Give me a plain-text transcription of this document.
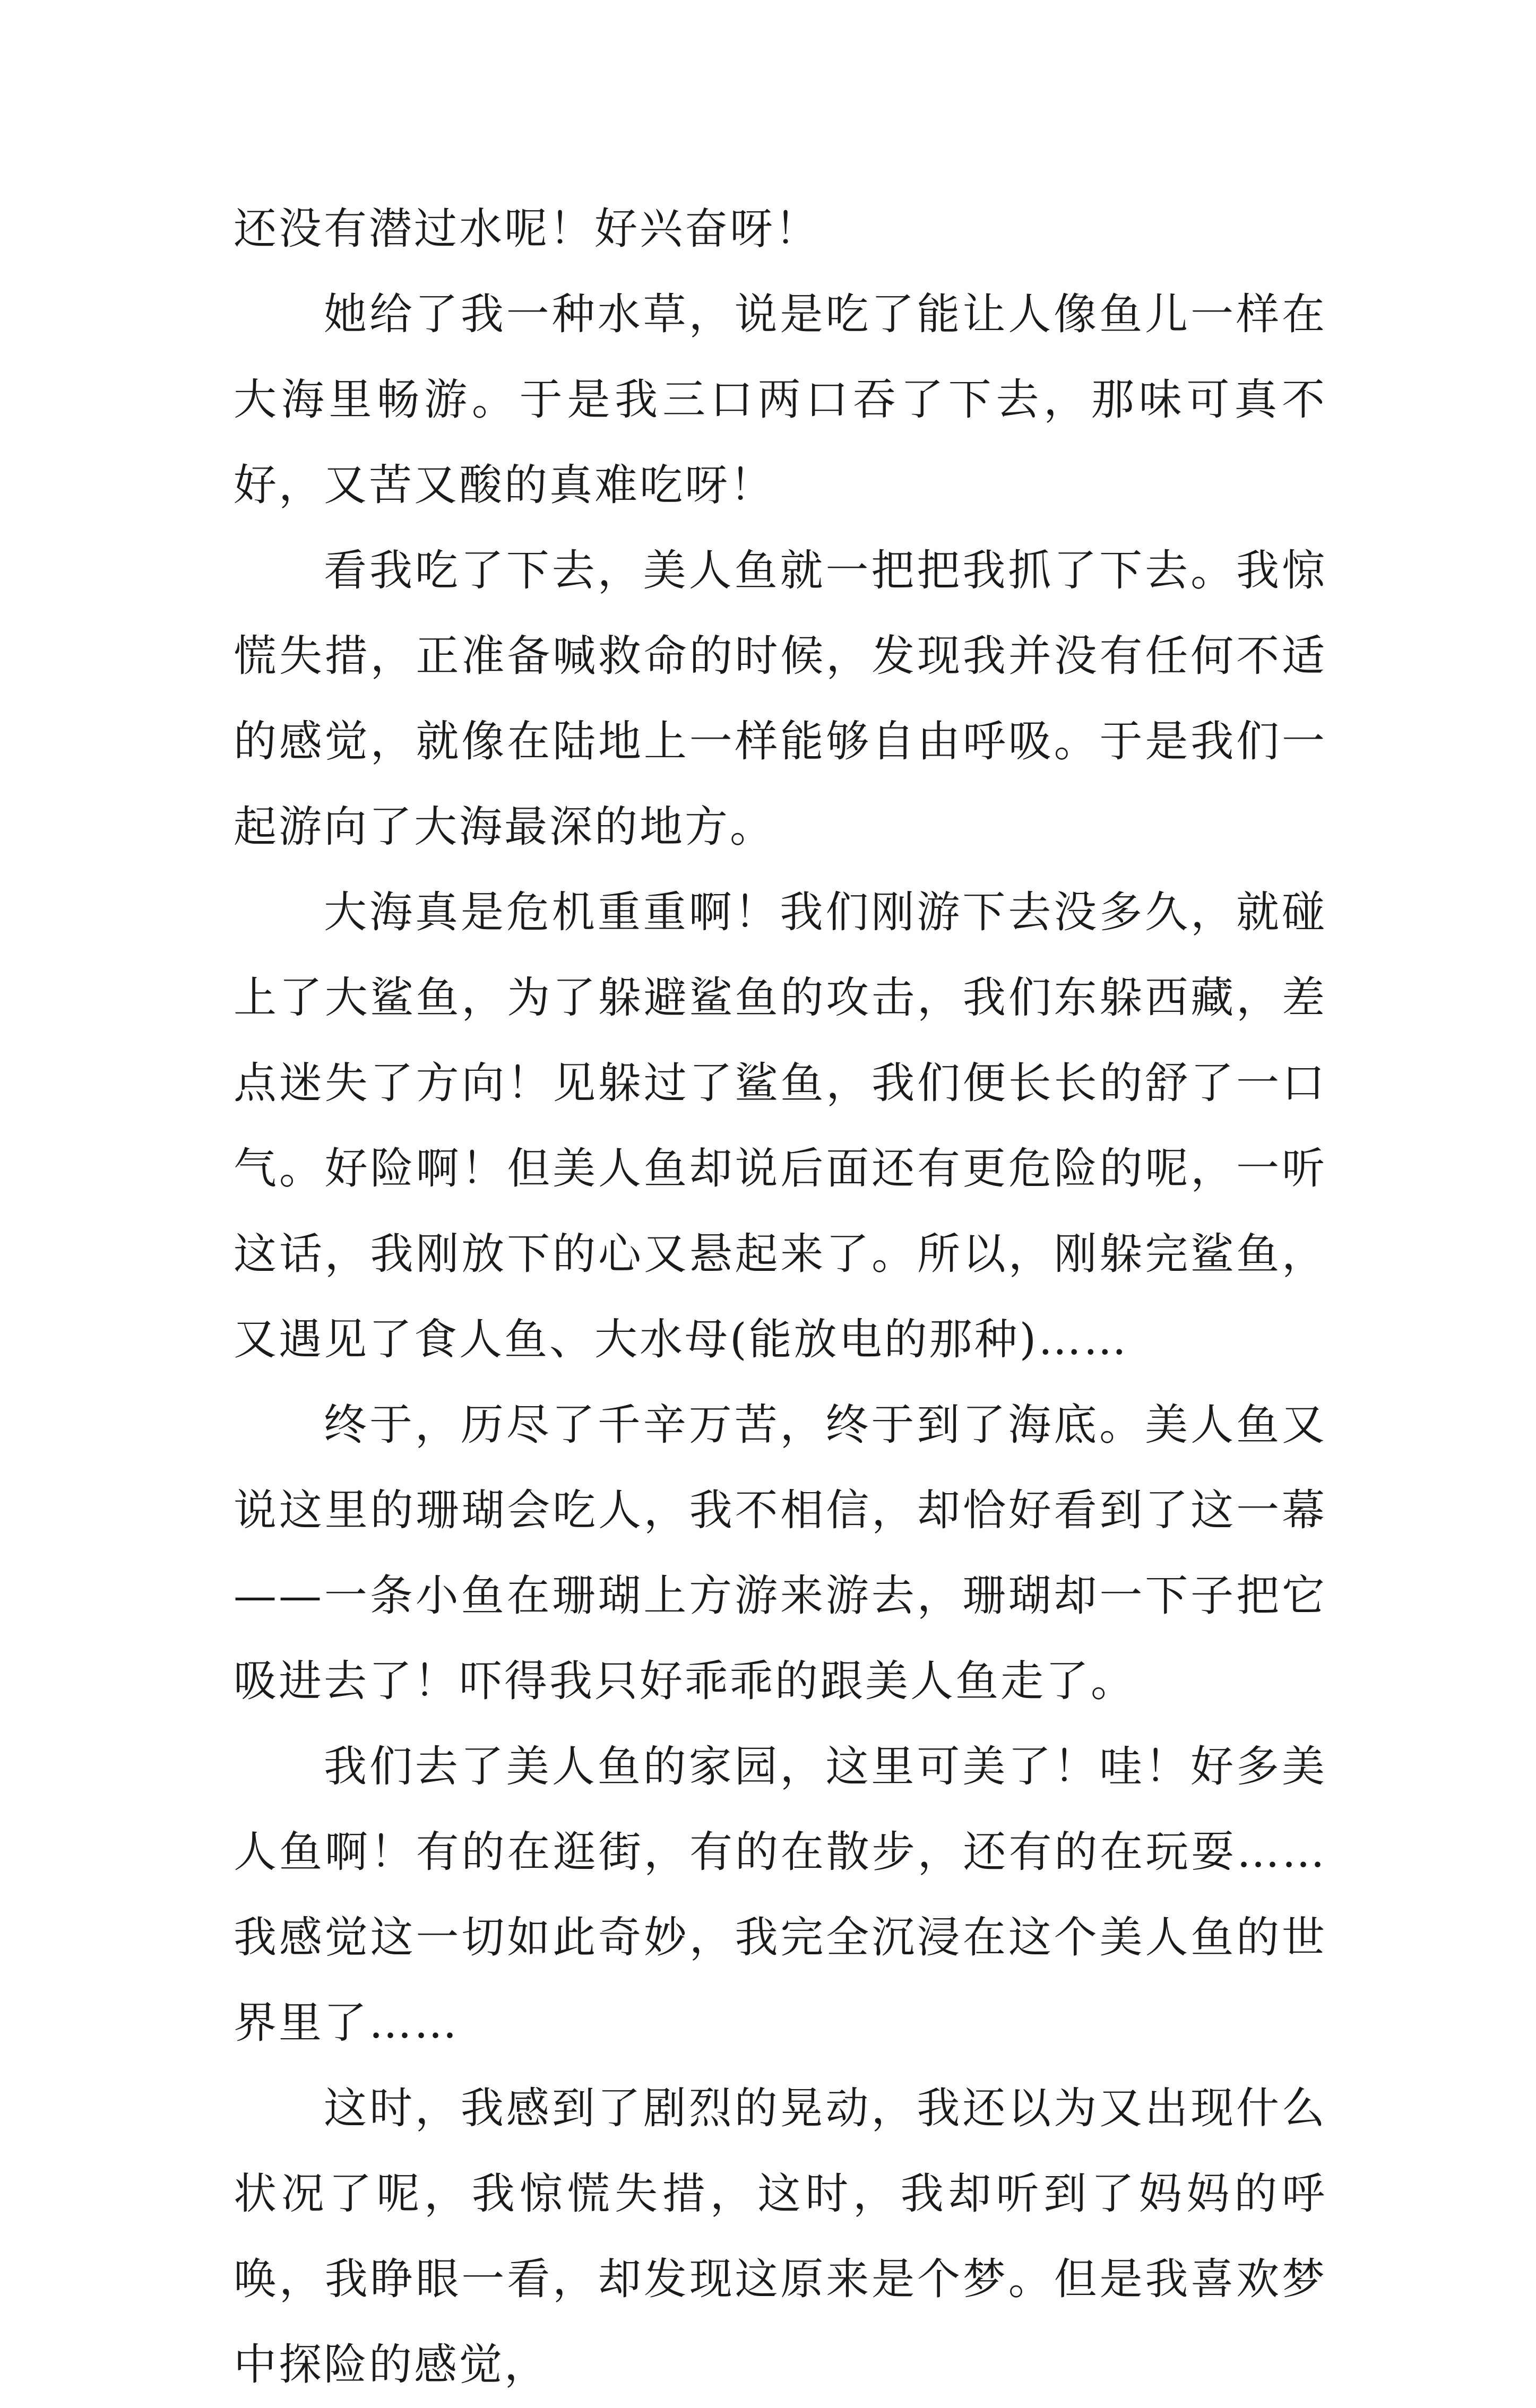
还没有潜过水呢！好兴奋呀！

她给了我一种水草，说是吃了能让人像鱼儿一样在大海里畅游。于是我三口两口吞了下去，那味可真不好，又苦又酸的真难吃呀！

看我吃了下去，美人鱼就一把把我抓了下去。我惊慌失措，正准备喊救命的时候，发现我并没有任何不适的感觉，就像在陆地上一样能够自由呼吸。于是我们一起游向了大海最深的地方。

大海真是危机重重啊！我们刚游下去没多久，就碰上了大鲨鱼，为了躲避鲨鱼的攻击，我们东躲西藏，差点迷失了方向！见躲过了鲨鱼，我们便长长的舒了一口气。好险啊！但美人鱼却说后面还有更危险的呢，一听这话，我刚放下的心又悬起来了。所以，刚躲完鲨鱼，又遇见了食人鱼、大水母(能放电的那种)……

终于，历尽了千辛万苦，终于到了海底。美人鱼又说这里的珊瑚会吃人，我不相信，却恰好看到了这一幕——一条小鱼在珊瑚上方游来游去，珊瑚却一下子把它吸进去了！吓得我只好乖乖的跟美人鱼走了。

我们去了美人鱼的家园，这里可美了！哇！好多美人鱼啊！有的在逛街，有的在散步，还有的在玩耍……我感觉这一切如此奇妙，我完全沉浸在这个美人鱼的世界里了……

这时，我感到了剧烈的晃动，我还以为又出现什么状况了呢，我惊慌失措，这时，我却听到了妈妈的呼唤，我睁眼一看，却发现这原来是个梦。但是我喜欢梦中探险的感觉，
